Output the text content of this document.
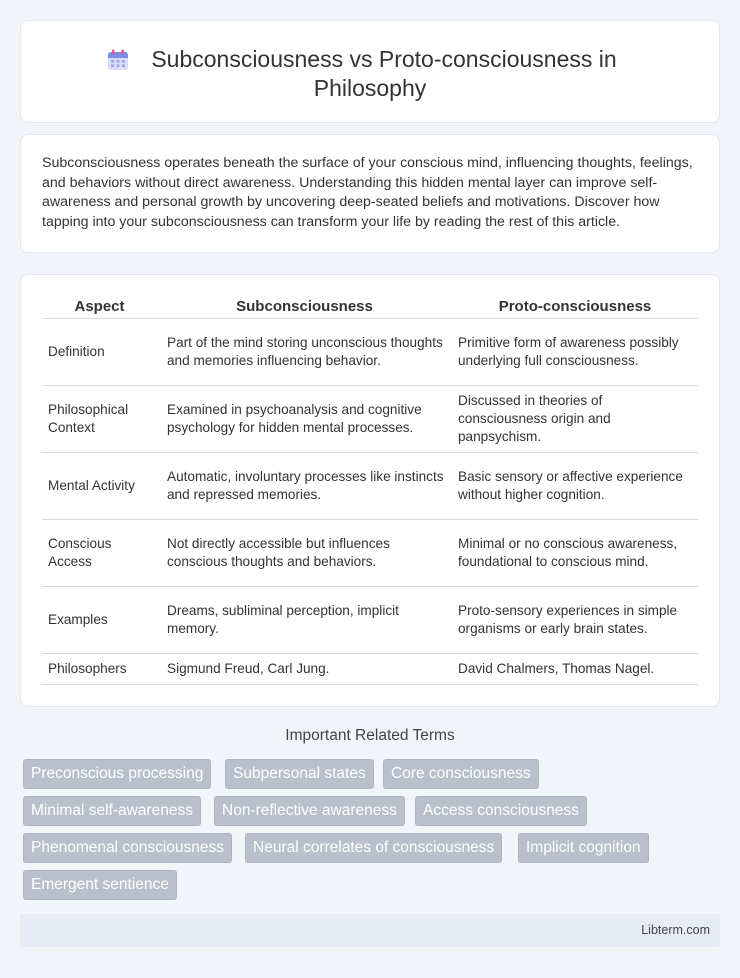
Subconsciousness vs Proto-consciousness in
Philosophy

Subconsciousness operates beneath the surface of your conscious mind, influencing thoughts, feelings, and behaviors without direct awareness. Understanding this hidden mental layer can improve self-awareness and personal growth by uncovering deep-seated beliefs and motivations. Discover how tapping into your subconsciousness can transform your life by reading the rest of this article.

Aspect	Subconsciousness	Proto-consciousness
Definition	Part of the mind storing unconscious thoughts and memories influencing behavior.	Primitive form of awareness possibly underlying full consciousness.
Philosophical Context	Examined in psychoanalysis and cognitive psychology for hidden mental processes.	Discussed in theories of consciousness origin and panpsychism.
Mental Activity	Automatic, involuntary processes like instincts and repressed memories.	Basic sensory or affective experience without higher cognition.
Conscious Access	Not directly accessible but influences conscious thoughts and behaviors.	Minimal or no conscious awareness, foundational to conscious mind.
Examples	Dreams, subliminal perception, implicit memory.	Proto-sensory experiences in simple organisms or early brain states.
Philosophers	Sigmund Freud, Carl Jung.	David Chalmers, Thomas Nagel.
Important Related Terms
Preconscious processing	Subpersonal states	Core consciousness
Minimal self-awareness	Non-reflective awareness	Access consciousness
Phenomenal consciousness	Neural correlates of consciousness	Implicit cognition
Emergent sentience
Libterm.com
